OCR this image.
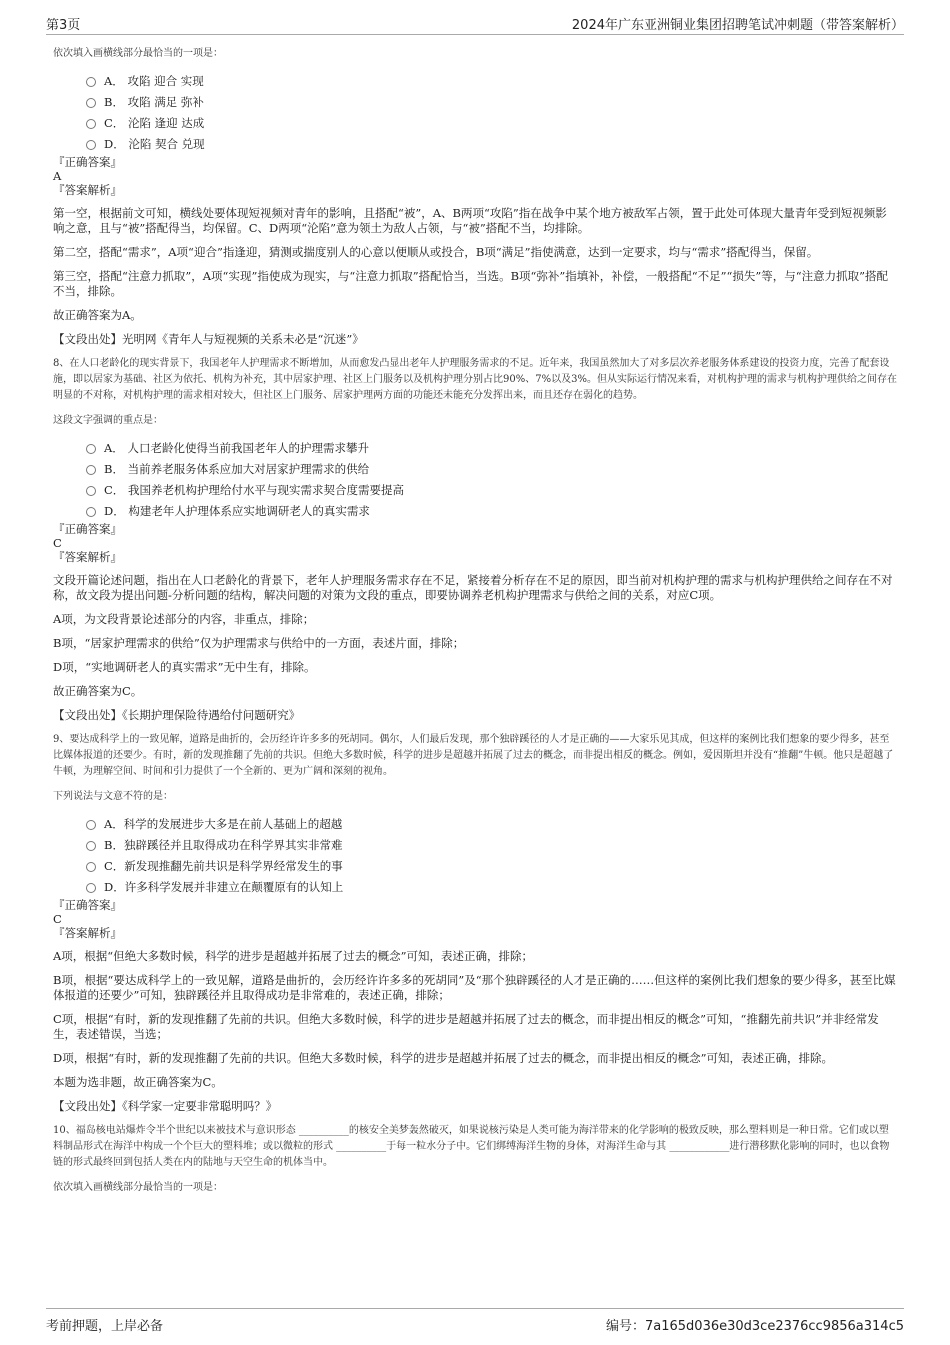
第3页	2024年广东亚洲铜业集团招聘笔试冲刺题（带答案解析）
依次填入画横线部分最恰当的一项是：
A． 攻陷 迎合 实现
B． 攻陷 满足 弥补
C． 沦陷 逢迎 达成
D． 沦陷 契合 兑现
『正确答案』
A
『答案解析』
第一空，根据前文可知，横线处要体现短视频对青年的影响，且搭配“被”，A、B两项“攻陷”指在战争中某个地方被敌军占领，置于此处可体现大量青年受到短视频影响之意，且与“被”搭配得当，均保留。C、D两项“沦陷”意为领土为敌人占领，与“被”搭配不当，均排除。
第二空，搭配“需求”，A项“迎合”指逢迎，猜测或揣度别人的心意以便顺从或投合，B项“满足”指使满意，达到一定要求，均与“需求”搭配得当，保留。
第三空，搭配“注意力抓取”，A项“实现”指使成为现实，与“注意力抓取”搭配恰当，当选。B项“弥补”指填补，补偿，一般搭配“不足”“损失”等，与“注意力抓取”搭配不当，排除。
故正确答案为A。
【文段出处】光明网《青年人与短视频的关系未必是“沉迷”》
8、在人口老龄化的现实背景下，我国老年人护理需求不断增加，从而愈发凸显出老年人护理服务需求的不足。近年来，我国虽然加大了对多层次养老服务体系建设的投资力度，完善了配套设施，即以居家为基础、社区为依托、机构为补充，其中居家护理、社区上门服务以及机构护理分别占比90%、7%以及3%。但从实际运行情况来看，对机构护理的需求与机构护理供给之间存在明显的不对称，对机构护理的需求相对较大，但社区上门服务、居家护理两方面的功能还未能充分发挥出来，而且还存在弱化的趋势。
这段文字强调的重点是：
A． 人口老龄化使得当前我国老年人的护理需求攀升
B． 当前养老服务体系应加大对居家护理需求的供给
C． 我国养老机构护理给付水平与现实需求契合度需要提高
D． 构建老年人护理体系应实地调研老人的真实需求
『正确答案』
C
『答案解析』
文段开篇论述问题，指出在人口老龄化的背景下，老年人护理服务需求存在不足，紧接着分析存在不足的原因，即当前对机构护理的需求与机构护理供给之间存在不对称，故文段为提出问题-分析问题的结构，解决问题的对策为文段的重点，即要协调养老机构护理需求与供给之间的关系，对应C项。
A项，为文段背景论述部分的内容，非重点，排除；
B项，“居家护理需求的供给”仅为护理需求与供给中的一方面，表述片面，排除；
D项，“实地调研老人的真实需求”无中生有，排除。
故正确答案为C。
【文段出处】《长期护理保险待遇给付问题研究》
9、要达成科学上的一致见解，道路是曲折的，会历经许许多多的死胡同。偶尔，人们最后发现，那个独辟蹊径的人才是正确的——大家乐见其成，但这样的案例比我们想象的要少得多，甚至比媒体报道的还要少。有时，新的发现推翻了先前的共识。但绝大多数时候，科学的进步是超越并拓展了过去的概念，而非提出相反的概念。例如，爱因斯坦并没有“推翻”牛顿。他只是超越了牛顿，为理解空间、时间和引力提供了一个全新的、更为广阔和深刻的视角。
下列说法与文意不符的是：
A．科学的发展进步大多是在前人基础上的超越
B．独辟蹊径并且取得成功在科学界其实非常难
C．新发现推翻先前共识是科学界经常发生的事
D．许多科学发展并非建立在颠覆原有的认知上
『正确答案』
C
『答案解析』
A项，根据“但绝大多数时候，科学的进步是超越并拓展了过去的概念”可知，表述正确，排除；
B项，根据“要达成科学上的一致见解，道路是曲折的，会历经许许多多的死胡同”及“那个独辟蹊径的人才是正确的……但这样的案例比我们想象的要少得多，甚至比媒体报道的还要少”可知，独辟蹊径并且取得成功是非常难的，表述正确，排除；
C项，根据“有时，新的发现推翻了先前的共识。但绝大多数时候，科学的进步是超越并拓展了过去的概念，而非提出相反的概念”可知，“推翻先前共识”并非经常发生，表述错误，当选；
D项，根据“有时，新的发现推翻了先前的共识。但绝大多数时候，科学的进步是超越并拓展了过去的概念，而非提出相反的概念”可知，表述正确，排除。
本题为选非题，故正确答案为C。
【文段出处】《科学家一定要非常聪明吗？》
10、福岛核电站爆炸令半个世纪以来被技术与意识形态 __________的核安全美梦轰然破灭，如果说核污染是人类可能为海洋带来的化学影响的极致反映，那么塑料则是一种日常。它们或以塑料制品形式在海洋中构成一个个巨大的塑料堆；或以微粒的形式 __________于每一粒水分子中。它们绑缚海洋生物的身体，对海洋生命与其 ____________进行潜移默化影响的同时，也以食物链的形式最终回到包括人类在内的陆地与天空生命的机体当中。
依次填入画横线部分最恰当的一项是：
考前押题，上岸必备	编号：7a165d036e30d3ce2376cc9856a314c5
